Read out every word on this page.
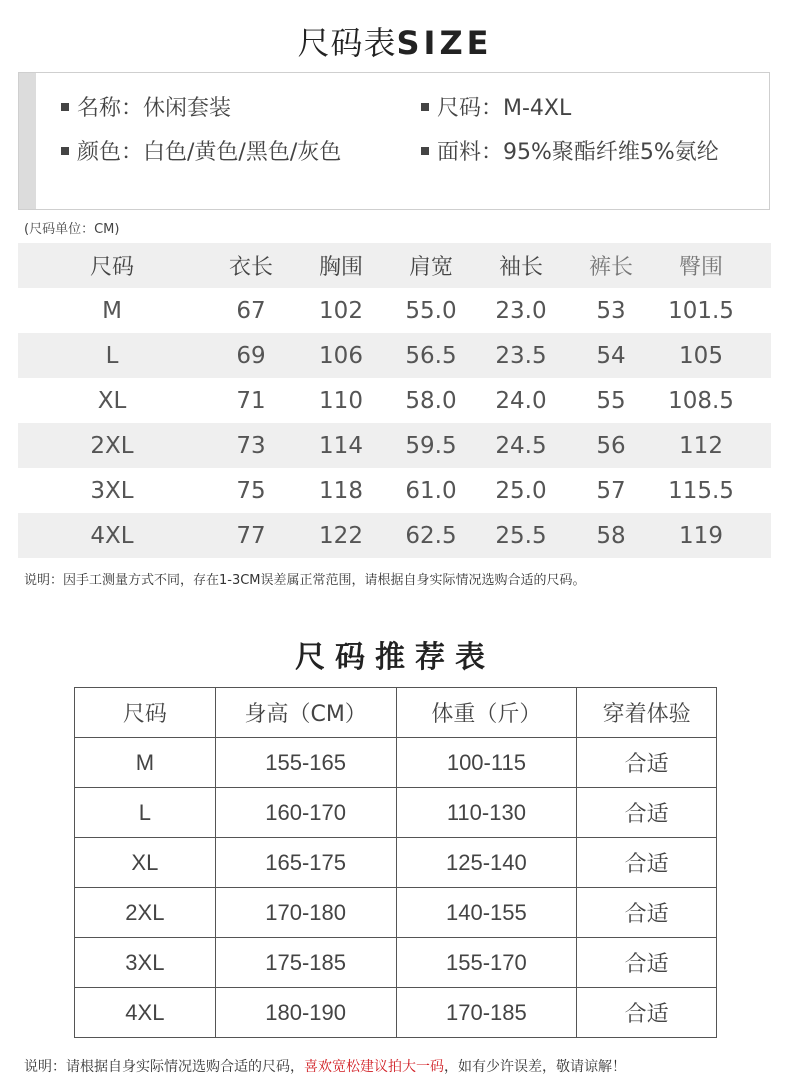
尺码表SIZE
名称：休闲套装	尺码：M-4XL
颜色：白色/黄色/黑色/灰色	面料：95%聚酯纤维5%氨纶
(尺码单位：CM)
尺码	衣长	胸围	肩宽	袖长	裤长	臀围
M	67	102	55.0	23.0	53	101.5
L	69	106	56.5	23.5	54	105
XL	71	110	58.0	24.0	55	108.5
2XL	73	114	59.5	24.5	56	112
3XL	75	118	61.0	25.0	57	115.5
4XL	77	122	62.5	25.5	58	119
说明：因手工测量方式不同，存在1-3CM误差属正常范围，请根据自身实际情况选购合适的尺码。
尺码推荐表
尺码	身高（CM）	体重（斤）	穿着体验
M	155-165	100-115	合适
L	160-170	110-130	合适
XL	165-175	125-140	合适
2XL	170-180	140-155	合适
3XL	175-185	155-170	合适
4XL	180-190	170-185	合适
说明：请根据自身实际情况选购合适的尺码，喜欢宽松建议拍大一码，如有少许误差，敬请谅解！
